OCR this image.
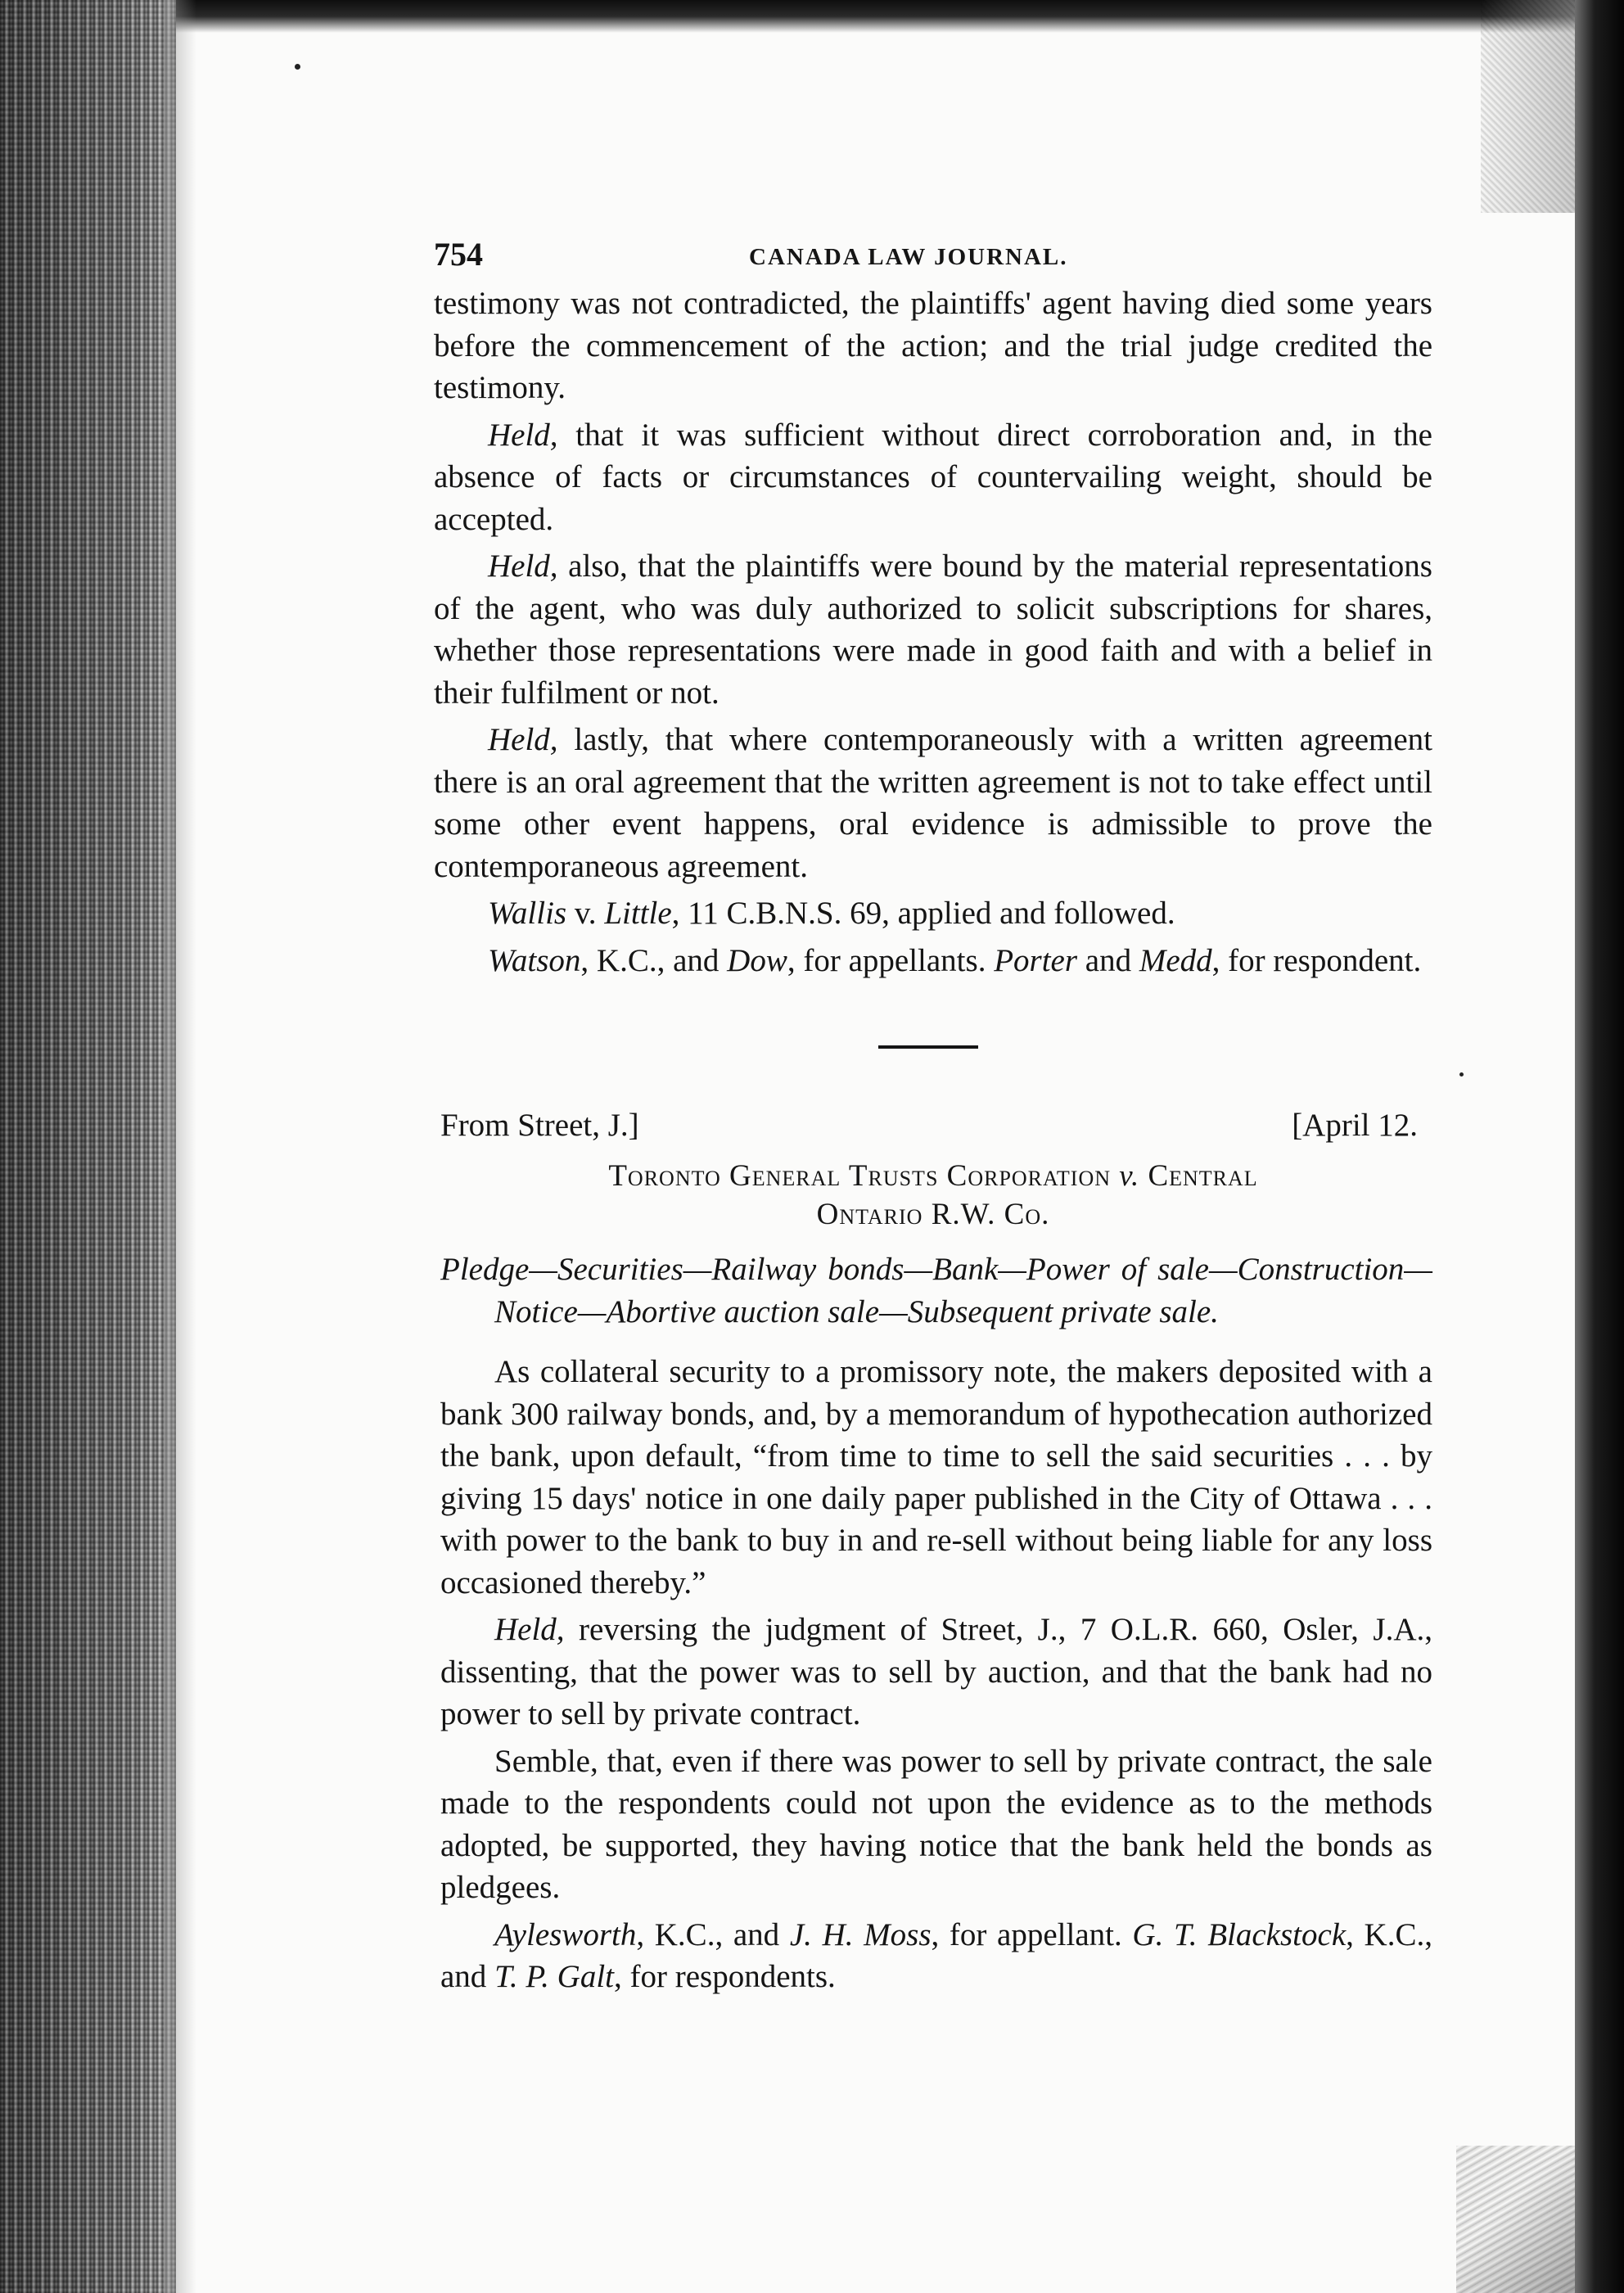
754	CANADA LAW JOURNAL.

testimony was not contradicted, the plaintiffs' agent having died some years before the commencement of the action; and the trial judge credited the testimony.

Held, that it was sufficient without direct corroboration and, in the absence of facts or circumstances of countervailing weight, should be accepted.

Held, also, that the plaintiffs were bound by the material representations of the agent, who was duly authorized to solicit subscriptions for shares, whether those representations were made in good faith and with a belief in their fulfilment or not.

Held, lastly, that where contemporaneously with a written agreement there is an oral agreement that the written agreement is not to take effect until some other event happens, oral evidence is admissible to prove the contemporaneous agreement.

Wallis v. Little, 11 C.B.N.S. 69, applied and followed.

Watson, K.C., and Dow, for appellants. Porter and Medd, for respondent.

From Street, J.]	[April 12.
Toronto General Trusts Corporation v. Central
Ontario R.W. Co.

Pledge—Securities—Railway bonds—Bank—Power of sale—Construction—Notice—Abortive auction sale—Subsequent private sale.

As collateral security to a promissory note, the makers deposited with a bank 300 railway bonds, and, by a memorandum of hypothecation authorized the bank, upon default, “from time to time to sell the said securities . . . by giving 15 days' notice in one daily paper published in the City of Ottawa . . . with power to the bank to buy in and re-sell without being liable for any loss occasioned thereby.”

Held, reversing the judgment of Street, J., 7 O.L.R. 660, Osler, J.A., dissenting, that the power was to sell by auction, and that the bank had no power to sell by private contract.

Semble, that, even if there was power to sell by private contract, the sale made to the respondents could not upon the evidence as to the methods adopted, be supported, they having notice that the bank held the bonds as pledgees.

Aylesworth, K.C., and J. H. Moss, for appellant. G. T. Blackstock, K.C., and T. P. Galt, for respondents.
